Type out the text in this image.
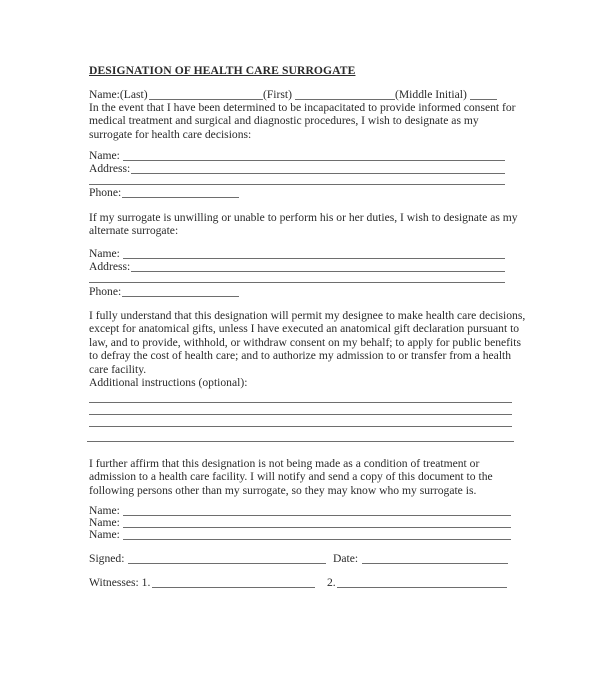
DESIGNATION OF HEALTH CARE SURROGATE
Name:(Last)	(First)	(Middle Initial)
In the event that I have been determined to be incapacitated to provide informed consent for medical treatment and surgical and diagnostic procedures, I wish to designate as my surrogate for health care decisions:
Name:
Address:
Phone:
If my surrogate is unwilling or unable to perform his or her duties, I wish to designate as my alternate surrogate:
Name:
Address:
Phone:
I fully understand that this designation will permit my designee to make health care decisions, except for anatomical gifts, unless I have executed an anatomical gift declaration pursuant to law, and to provide, withhold, or withdraw consent on my behalf; to apply for public benefits to defray the cost of health care; and to authorize my admission to or transfer from a health care facility.
Additional instructions (optional):
I further affirm that this designation is not being made as a condition of treatment or admission to a health care facility. I will notify and send a copy of this document to the following persons other than my surrogate, so they may know who my surrogate is.
Name:
Name:
Name:
Signed:	Date:
Witnesses: 1.	2.
